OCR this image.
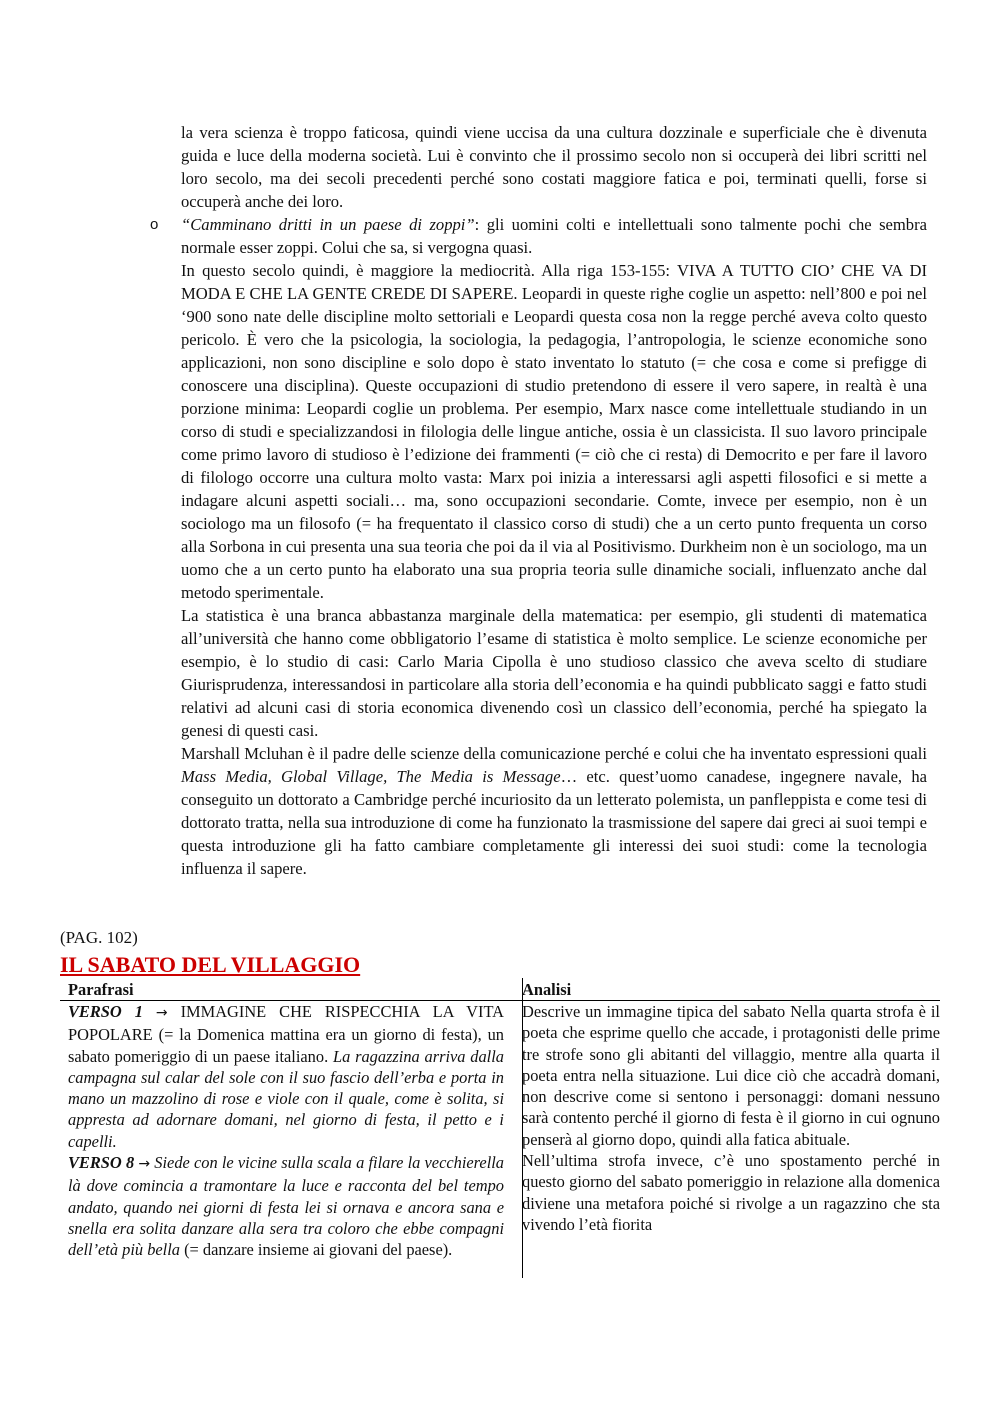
la vera scienza è troppo faticosa, quindi viene uccisa da una cultura dozzinale e superficiale che è divenuta guida e luce della moderna società. Lui è convinto che il prossimo secolo non si occuperà dei libri scritti nel loro secolo, ma dei secoli precedenti perché sono costati maggiore fatica e poi, terminati quelli, forse si occuperà anche dei loro.

o “Camminano dritti in un paese di zoppi”: gli uomini colti e intellettuali sono talmente pochi che sembra normale esser zoppi. Colui che sa, si vergogna quasi.

In questo secolo quindi, è maggiore la mediocrità. Alla riga 153-155: VIVA A TUTTO CIO’ CHE VA DI MODA E CHE LA GENTE CREDE DI SAPERE. Leopardi in queste righe coglie un aspetto: nell’800 e poi nel ‘900 sono nate delle discipline molto settoriali e Leopardi questa cosa non la regge perché aveva colto questo pericolo. È vero che la psicologia, la sociologia, la pedagogia, l’antropologia, le scienze economiche sono applicazioni, non sono discipline e solo dopo è stato inventato lo statuto (= che cosa e come si prefigge di conoscere una disciplina). Queste occupazioni di studio pretendono di essere il vero sapere, in realtà è una porzione minima: Leopardi coglie un problema. Per esempio, Marx nasce come intellettuale studiando in un corso di studi e specializzandosi in filologia delle lingue antiche, ossia è un classicista. Il suo lavoro principale come primo lavoro di studioso è l’edizione dei frammenti (= ciò che ci resta) di Democrito e per fare il lavoro di filologo occorre una cultura molto vasta: Marx poi inizia a interessarsi agli aspetti filosofici e si mette a indagare alcuni aspetti sociali… ma, sono occupazioni secondarie. Comte, invece per esempio, non è un sociologo ma un filosofo (= ha frequentato il classico corso di studi) che a un certo punto frequenta un corso alla Sorbona in cui presenta una sua teoria che poi da il via al Positivismo. Durkheim non è un sociologo, ma un uomo che a un certo punto ha elaborato una sua propria teoria sulle dinamiche sociali, influenzato anche dal metodo sperimentale.

La statistica è una branca abbastanza marginale della matematica: per esempio, gli studenti di matematica all’università che hanno come obbligatorio l’esame di statistica è molto semplice. Le scienze economiche per esempio, è lo studio di casi: Carlo Maria Cipolla è uno studioso classico che aveva scelto di studiare Giurisprudenza, interessandosi in particolare alla storia dell’economia e ha quindi pubblicato saggi e fatto studi relativi ad alcuni casi di storia economica divenendo così un classico dell’economia, perché ha spiegato la genesi di questi casi.

Marshall Mcluhan è il padre delle scienze della comunicazione perché e colui che ha inventato espressioni quali Mass Media, Global Village, The Media is Message… etc. quest’uomo canadese, ingegnere navale, ha conseguito un dottorato a Cambridge perché incuriosito da un letterato polemista, un panfleppista e come tesi di dottorato tratta, nella sua introduzione di come ha funzionato la trasmissione del sapere dai greci ai suoi tempi e questa introduzione gli ha fatto cambiare completamente gli interessi dei suoi studi: come la tecnologia influenza il sapere.

(PAG. 102)

IL SABATO DEL VILLAGGIO
Parafrasi	Analisi

VERSO 1 → IMMAGINE CHE RISPECCHIA LA VITA POPOLARE (= la Domenica mattina era un giorno di festa), un sabato pomeriggio di un paese italiano. La ragazzina arriva dalla campagna sul calar del sole con il suo fascio dell’erba e porta in mano un mazzolino di rose e viole con il quale, come è solita, si appresta ad adornare domani, nel giorno di festa, il petto e i capelli.

VERSO 8 → Siede con le vicine sulla scala a filare la vecchierella là dove comincia a tramontare la luce e racconta del bel tempo andato, quando nei giorni di festa lei si ornava e ancora sana e snella era solita danzare alla sera tra coloro che ebbe compagni dell’età più bella (= danzare insieme ai giovani del paese).

Descrive un immagine tipica del sabato Nella quarta strofa è il poeta che esprime quello che accade, i protagonisti delle prime tre strofe sono gli abitanti del villaggio, mentre alla quarta il poeta entra nella situazione. Lui dice ciò che accadrà domani, non descrive come si sentono i personaggi: domani nessuno sarà contento perché il giorno di festa è il giorno in cui ognuno penserà al giorno dopo, quindi alla fatica abituale.

Nell’ultima strofa invece, c’è uno spostamento perché in questo giorno del sabato pomeriggio in relazione alla domenica diviene una metafora poiché si rivolge a un ragazzino che sta vivendo l’età fiorita
